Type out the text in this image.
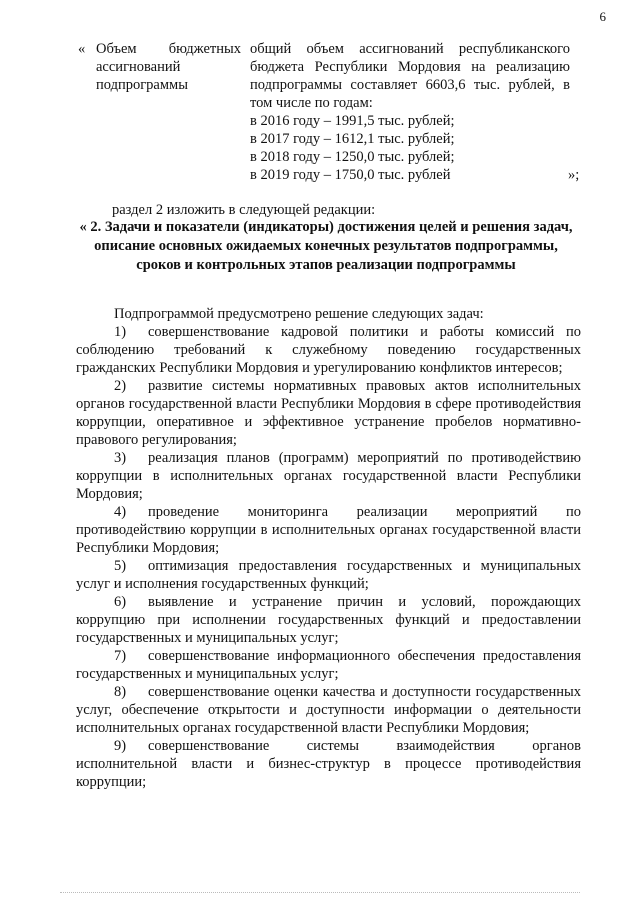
6
« Объем бюджетных ассигнований подпрограммы
общий объем ассигнований республиканского
бюджета Республики Мордовия на реализацию
подпрограммы составляет 6603,6 тыс. рублей, в
том числе по годам:
в 2016 году – 1991,5 тыс. рублей;
в 2017 году – 1612,1 тыс. рублей;
в 2018 году – 1250,0 тыс. рублей;
в 2019 году – 1750,0 тыс. рублей	»;
раздел 2 изложить в следующей редакции:
« 2. Задачи и показатели (индикаторы) достижения целей и решения задач, описание основных ожидаемых конечных результатов подпрограммы, сроков и контрольных этапов реализации подпрограммы

Подпрограммой предусмотрено решение следующих задач:

1) совершенствование кадровой политики и работы комиссий по соблюдению требований к служебному поведению государственных гражданских Республики Мордовия и урегулированию конфликтов интересов;

2) развитие системы нормативных правовых актов исполнительных органов государственной власти Республики Мордовия в сфере противодействия коррупции, оперативное и эффективное устранение пробелов нормативно-правового регулирования;

3) реализация планов (программ) мероприятий по противодействию коррупции в исполнительных органах государственной власти Республики Мордовия;

4) проведение мониторинга реализации мероприятий по противодействию коррупции в исполнительных органах государственной власти Республики Мордовия;

5) оптимизация предоставления государственных и муниципальных услуг и исполнения государственных функций;

6) выявление и устранение причин и условий, порождающих коррупцию при исполнении государственных функций и предоставлении государственных и муниципальных услуг;

7) совершенствование информационного обеспечения предоставления государственных и муниципальных услуг;

8) совершенствование оценки качества и доступности государственных услуг, обеспечение открытости и доступности информации о деятельности исполнительных органах государственной власти Республики Мордовия;

9) совершенствование системы взаимодействия органов исполнительной власти и бизнес-структур в процессе противодействия коррупции;
